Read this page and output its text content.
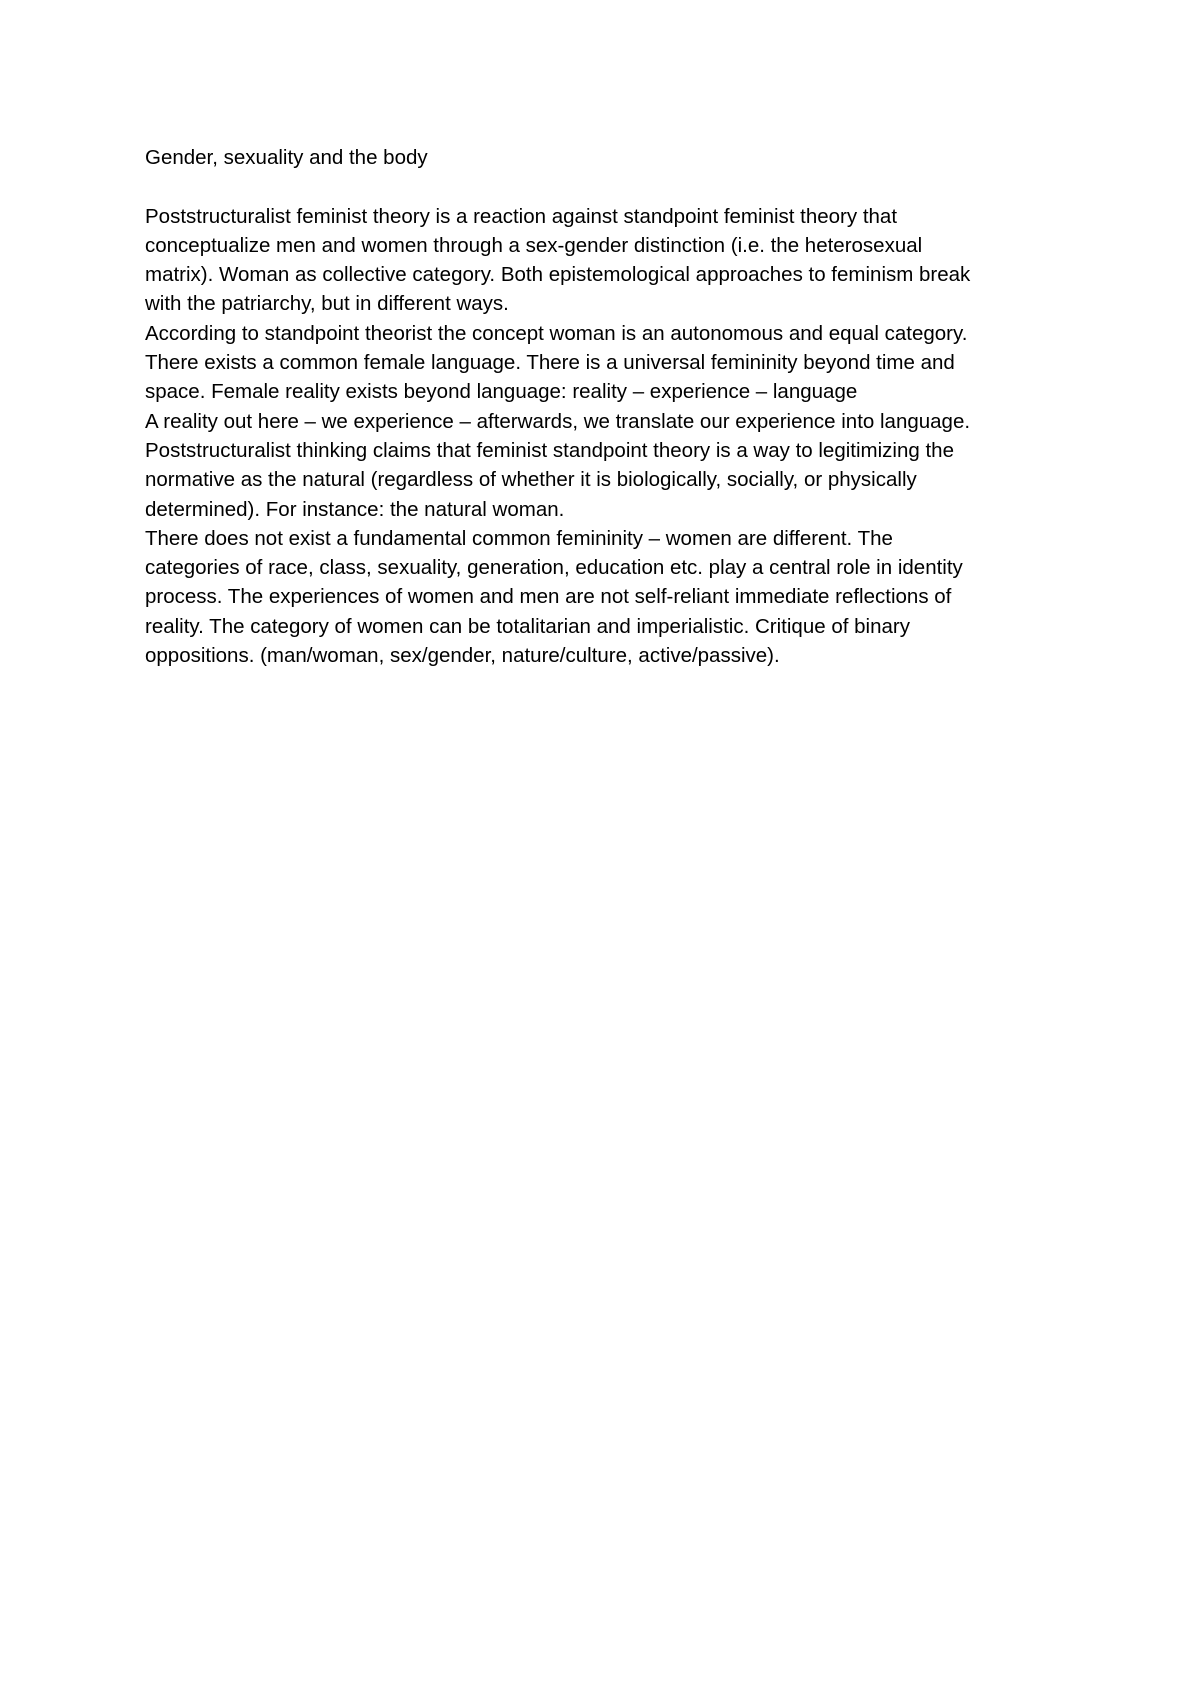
Gender, sexuality and the body
Poststructuralist feminist theory is a reaction against standpoint feminist theory that
conceptualize men and women through a sex-gender distinction (i.e. the heterosexual
matrix). Woman as collective category. Both epistemological approaches to feminism break
with the patriarchy, but in different ways.
According to standpoint theorist the concept woman is an autonomous and equal category.
There exists a common female language. There is a universal femininity beyond time and
space. Female reality exists beyond language: reality – experience – language
A reality out here – we experience – afterwards, we translate our experience into language.
Poststructuralist thinking claims that feminist standpoint theory is a way to legitimizing the
normative as the natural (regardless of whether it is biologically, socially, or physically
determined). For instance: the natural woman.
There does not exist a fundamental common femininity – women are different. The
categories of race, class, sexuality, generation, education etc. play a central role in identity
process. The experiences of women and men are not self-reliant immediate reflections of
reality. The category of women can be totalitarian and imperialistic. Critique of binary
oppositions. (man/woman, sex/gender, nature/culture, active/passive).
